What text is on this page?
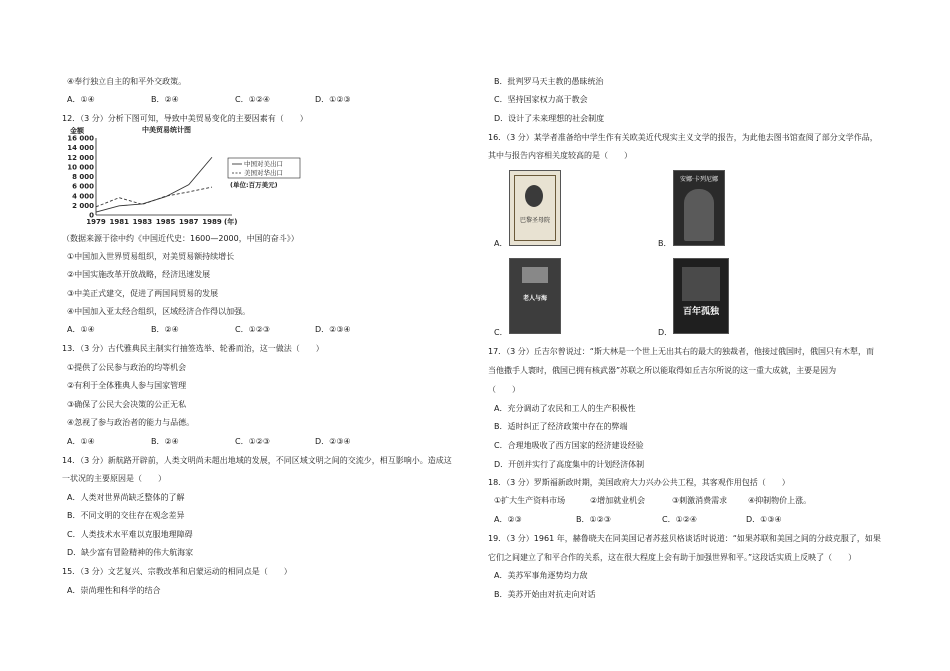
④奉行独立自主的和平外交政策。
A．①④	B．②④	C．①②④	D．①②③
12．（3 分）分析下图可知，导致中美贸易变化的主要因素有（　　）
中美贸易统计图
金额
16 000
14 000
12 000
10 000
8 000
6 000
4 000
2 000
0
1979 1981 1983 1985 1987 1989 (年)
中国对美出口
美国对华出口
(单位:百万美元)
（数据来源于徐中约《中国近代史：1600—2000，中国的奋斗》）
①中国加入世界贸易组织，对美贸易额持续增长
②中国实施改革开放战略，经济迅速发展
③中美正式建交，促进了两国间贸易的发展
④中国加入亚太经合组织，区域经济合作得以加强。
A．①④	B．②④	C．①②③	D．②③④
13．（3 分）古代雅典民主制实行抽签选举、轮番而治，这一做法（　　）
①提供了公民参与政治的均等机会
②有利于全体雅典人参与国家管理
③确保了公民大会决策的公正无私
④忽视了参与政治者的能力与品德。
A．①④	B．②④	C．①②③	D．②③④
14．（3 分）新航路开辟前，人类文明尚未超出地域的发展，不同区域文明之间的交流少，相互影响小。造成这
一状况的主要原因是（　　）
A．人类对世界尚缺乏整体的了解
B．不同文明的交往存在观念差异
C．人类技术水平难以克服地理障碍
D．缺少富有冒险精神的伟大航海家
15．（3 分）文艺复兴、宗教改革和启蒙运动的相同点是（　　）
A．崇尚理性和科学的结合
B．批判罗马天主教的愚昧统治
C．坚持国家权力高于教会
D．设计了未来理想的社会制度
16．（3 分）某学者准备给中学生作有关欧美近代现实主义文学的报告，为此他去图书馆查阅了部分文学作品，
其中与报告内容相关度较高的是（　　）
A．
巴黎圣母院
B．
安娜·卡列尼娜
C．
老人与海
D．
百年孤独
17．（3 分）丘吉尔曾说过：“斯大林是一个世上无出其右的最大的独裁者，他接过俄国时，俄国只有木犁，而
当他撒手人寰时，俄国已拥有核武器”苏联之所以能取得如丘吉尔所说的这一重大成就，主要是因为
（　　）
A．充分调动了农民和工人的生产积极性
B．适时纠正了经济政策中存在的弊端
C．合理地吸收了西方国家的经济建设经验
D．开创并实行了高度集中的计划经济体制
18．（3 分）罗斯福新政时期，美国政府大力兴办公共工程，其客观作用包括（　　）
①扩大生产资料市场	②增加就业机会	③刺激消费需求	④抑制物价上涨。
A．②③	B．①②③	C．①②④	D．①③④
19．（3 分）1961 年，赫鲁晓夫在同美国记者苏兹贝格谈话时说道：“如果苏联和美国之间的分歧克服了，如果
它们之间建立了和平合作的关系，这在很大程度上会有助于加强世界和平。”这段话实质上反映了（　　）
A．美苏军事角逐势均力敌
B．美苏开始由对抗走向对话
